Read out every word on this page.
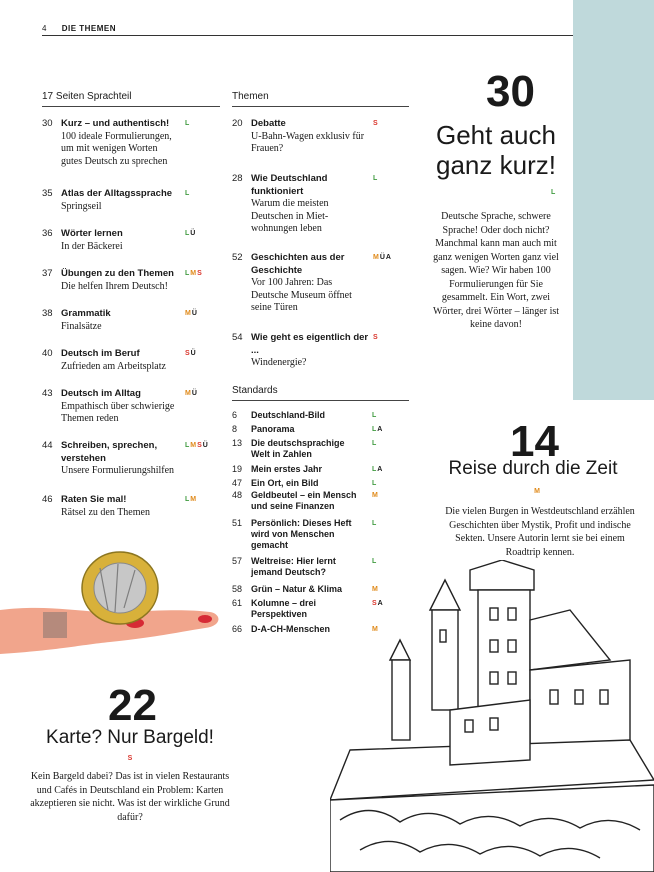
4 DIE THEMEN
17 Seiten Sprachteil
30 Kurz – und authentisch!
100 ideale Formulierungen, um mit wenigen Worten gutes Deutsch zu sprechen
L
35 Atlas der Alltagssprache
Springseil
L
36 Wörter lernen
In der Bäckerei
LÜ
37 Übungen zu den Themen
Die helfen Ihrem Deutsch!
LMS
38 Grammatik
Finalsätze
MÜ
40 Deutsch im Beruf
Zufrieden am Arbeitsplatz
SÜ
43 Deutsch im Alltag
Empathisch über schwierige Themen reden
MÜ
44 Schreiben, sprechen, verstehen
Unsere Formulierungshilfen
LMSÜ
46 Raten Sie mal!
Rätsel zu den Themen
LM
Themen
20 Debatte
U-Bahn-Wagen exklusiv für Frauen?
S
28 Wie Deutschland funktioniert
Warum die meisten Deutschen in Miet-wohnungen leben
L
52 Geschichten aus der Geschichte
Vor 100 Jahren: Das Deutsche Museum öffnet seine Türen
MÜA
54 Wie geht es eigentlich der ...
Windenergie?
S
Standards
6	Deutschland-Bild	L
8	Panorama	LA
13 Die deutschsprachige Welt in Zahlen
L
19 Mein erstes Jahr	LA
47 Ein Ort, ein Bild	L
48 Geldbeutel – ein Mensch und seine Finanzen
M
51 Persönlich: Dieses Heft wird von Menschen gemacht
L
57 Weltreise: Hier lernt jemand Deutsch?
L
58 Grün – Natur & Klima	M
61 Kolumne – drei Perspektiven
SA
66 D-A-CH-Menschen	M
30
Geht auch
ganz kurz!
L
Deutsche Sprache, schwere Sprache! Oder doch nicht? Manchmal kann man auch mit ganz wenigen Worten ganz viel sagen. Wie? Wir haben 100 Formulierungen für Sie gesammelt. Ein Wort, zwei Wörter, drei Wörter – länger ist keine davon!
14
Reise durch die Zeit
M
Die vielen Burgen in Westdeutschland erzählen Geschichten über Mystik, Profit und indische Sekten. Unsere Autorin lernt sie bei einem Roadtrip kennen.
22
Karte? Nur Bargeld!
S
Kein Bargeld dabei? Das ist in vielen Restaurants und Cafés in Deutschland ein Problem: Karten akzeptieren sie nicht. Was ist der wirkliche Grund dafür?
